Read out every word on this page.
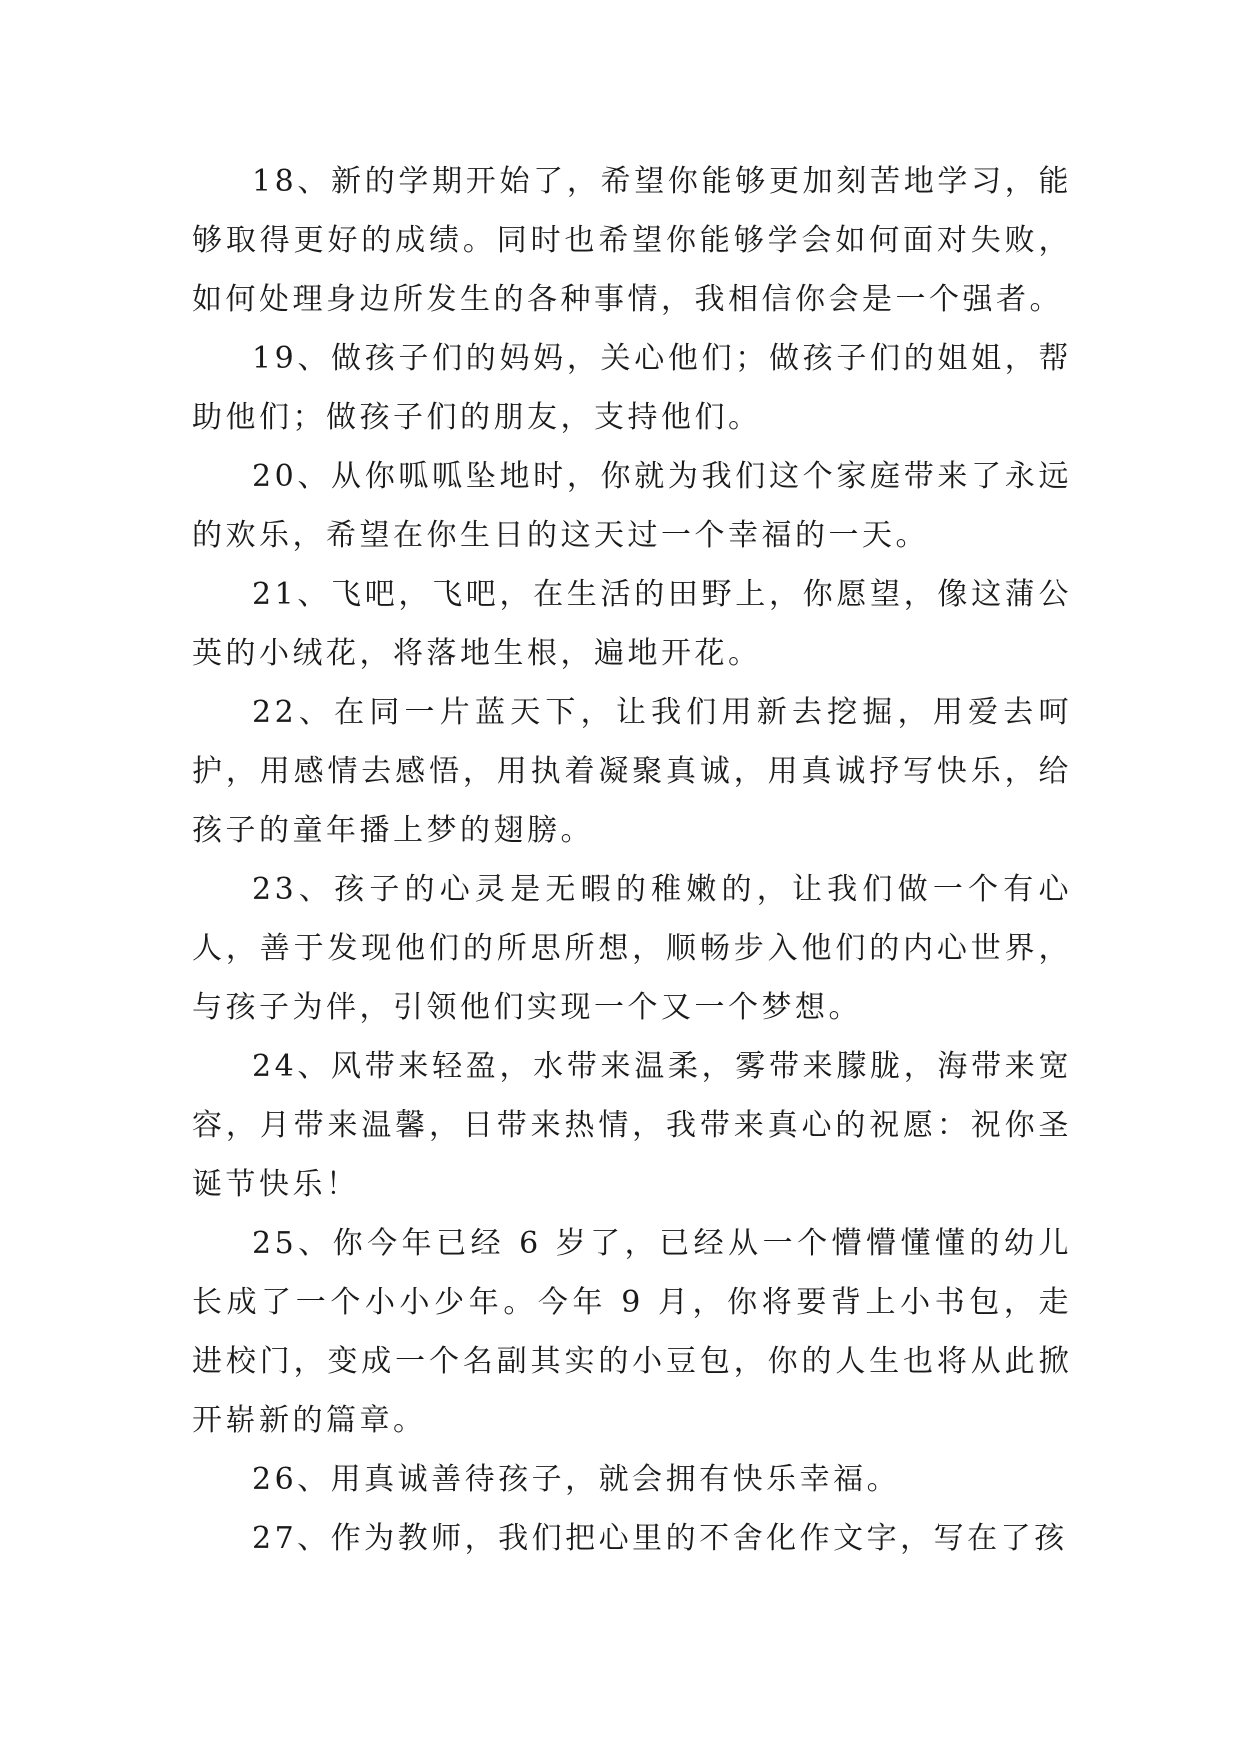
18、新的学期开始了，希望你能够更加刻苦地学习，能够取得更好的成绩。同时也希望你能够学会如何面对失败，如何处理身边所发生的各种事情，我相信你会是一个强者。

19、做孩子们的妈妈，关心他们；做孩子们的姐姐，帮助他们；做孩子们的朋友，支持他们。

20、从你呱呱坠地时，你就为我们这个家庭带来了永远的欢乐，希望在你生日的这天过一个幸福的一天。

21、飞吧，飞吧，在生活的田野上，你愿望，像这蒲公英的小绒花，将落地生根，遍地开花。

22、在同一片蓝天下，让我们用新去挖掘，用爱去呵护，用感情去感悟，用执着凝聚真诚，用真诚抒写快乐，给孩子的童年播上梦的翅膀。

23、孩子的心灵是无暇的稚嫩的，让我们做一个有心人，善于发现他们的所思所想，顺畅步入他们的内心世界，与孩子为伴，引领他们实现一个又一个梦想。

24、风带来轻盈，水带来温柔，雾带来朦胧，海带来宽容，月带来温馨，日带来热情，我带来真心的祝愿：祝你圣诞节快乐！

25、你今年已经 6 岁了，已经从一个懵懵懂懂的幼儿长成了一个小小少年。今年 9 月，你将要背上小书包，走进校门，变成一个名副其实的小豆包，你的人生也将从此掀开崭新的篇章。

26、用真诚善待孩子，就会拥有快乐幸福。

27、作为教师，我们把心里的不舍化作文字，写在了孩
